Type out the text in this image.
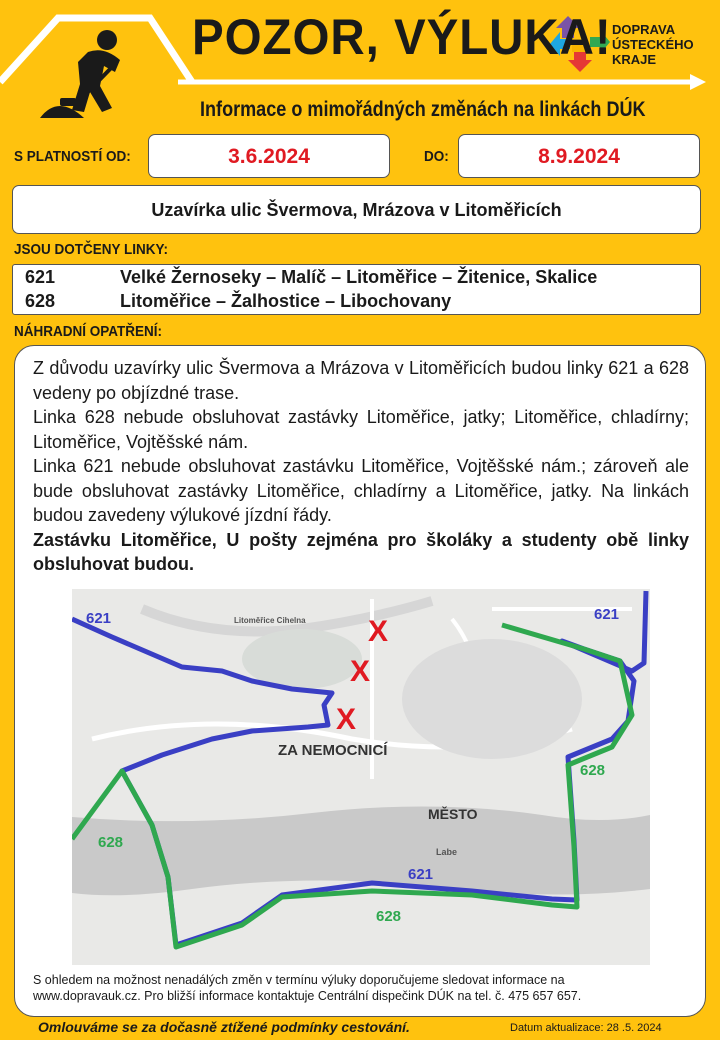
POZOR, VÝLUKA! DOPRAVA
ÚSTECKÉHO
KRAJE
Informace o mimořádných změnách na linkách DÚK
S PLATNOSTÍ OD:	3.6.2024	DO:	8.9.2024
Uzavírka ulic Švermova, Mrázova v Litoměřicích
JSOU DOTČENY LINKY:
621	Velké Žernoseky – Malíč – Litoměřice – Žitenice, Skalice
628	Litoměřice – Žalhostice – Libochovany
NÁHRADNÍ OPATŘENÍ:

Z důvodu uzavírky ulic Švermova a Mrázova v Litoměřicích budou linky 621 a 628 vedeny po objízdné trase.

Linka 628 nebude obsluhovat zastávky Litoměřice, jatky; Litoměřice, chladírny; Litoměřice, Vojtěšské nám.

Linka 621 nebude obsluhovat zastávku Litoměřice, Vojtěšské nám.; zároveň ale bude obsluhovat zastávky Litoměřice, chladírny a Litoměřice, jatky. Na linkách budou zavedeny výlukové jízdní řády.

Zastávku Litoměřice, U pošty zejména pro školáky a studenty obě linky obsluhovat budou.

ZA NEMOCNICÍ
MĚSTO
Labe
Litoměřice Cihelna
621	621
621
628
628
628
X
X
X
S ohledem na možnost nenadálých změn v termínu výluky doporučujeme sledovat informace na
www.dopravauk.cz. Pro bližší informace kontaktuje Centrální dispečink DÚK na tel. č. 475 657 657.
Omlouváme se za dočasně ztížené podmínky cestování.	Datum aktualizace: 28 .5. 2024
